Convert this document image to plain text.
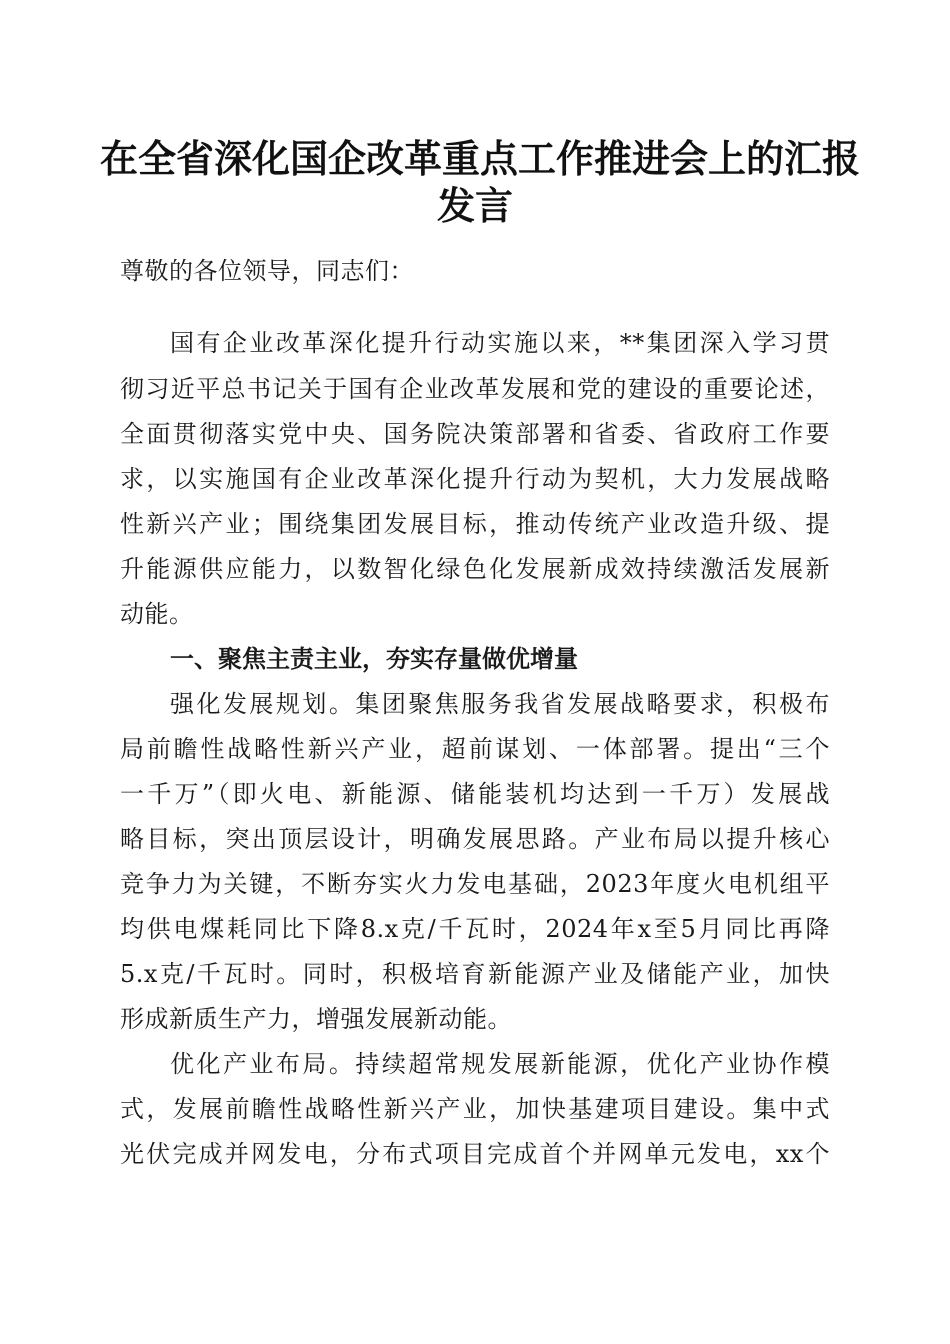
在全省深化国企改革重点工作推进会上的汇报
发言
尊敬的各位领导，同志们：
国有企业改革深化提升行动实施以来，**集团深入学习贯
彻习近平总书记关于国有企业改革发展和党的建设的重要论述，
全面贯彻落实党中央、国务院决策部署和省委、省政府工作要
求，以实施国有企业改革深化提升行动为契机，大力发展战略
性新兴产业；围绕集团发展目标，推动传统产业改造升级、提
升能源供应能力，以数智化绿色化发展新成效持续激活发展新
动能。
一、聚焦主责主业，夯实存量做优增量
强化发展规划。集团聚焦服务我省发展战略要求，积极布
局前瞻性战略性新兴产业，超前谋划、一体部署。提出“三个
一千万”（即火电、新能源、储能装机均达到一千万）发展战
略目标，突出顶层设计，明确发展思路。产业布局以提升核心
竞争力为关键，不断夯实火力发电基础，2023年度火电机组平
均供电煤耗同比下降8.x克/千瓦时，2024年x至5月同比再降
5.x克/千瓦时。同时，积极培育新能源产业及储能产业，加快
形成新质生产力，增强发展新动能。
优化产业布局。持续超常规发展新能源，优化产业协作模
式，发展前瞻性战略性新兴产业，加快基建项目建设。集中式
光伏完成并网发电，分布式项目完成首个并网单元发电，xx个
